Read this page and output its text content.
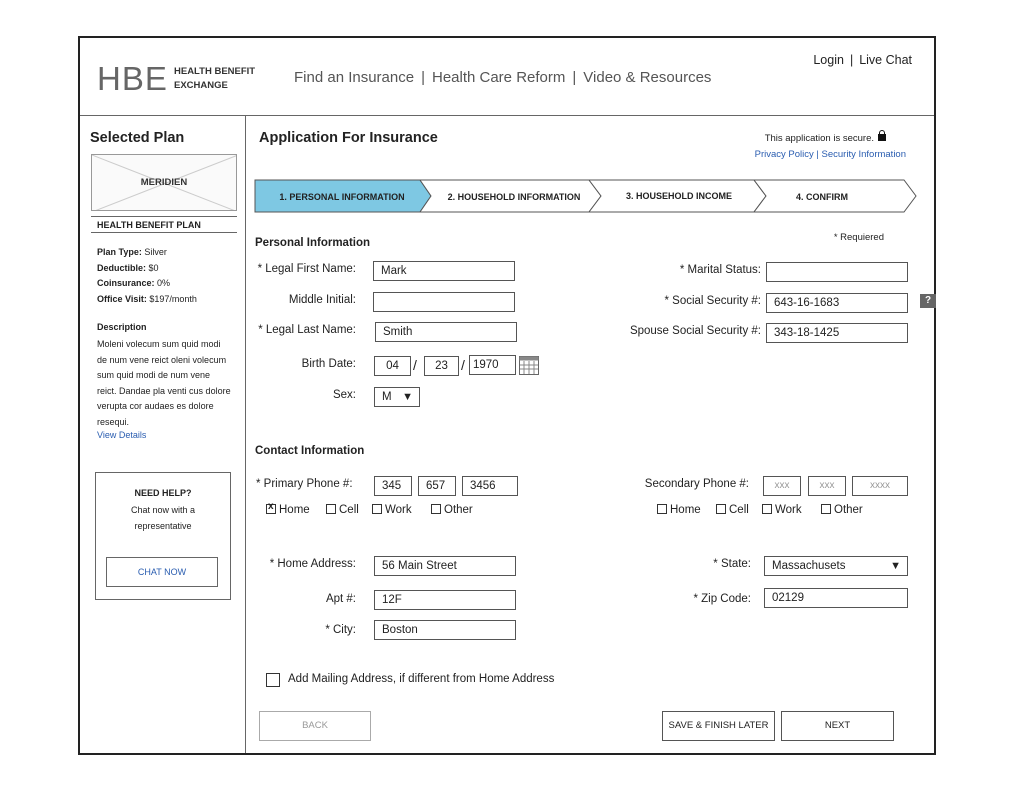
HBE HEALTH BENEFIT
EXCHANGE	Find an Insurance | Health Care Reform | Video & Resources
Login | Live Chat
Selected Plan
MERIDIEN
HEALTH BENEFIT PLAN
Plan Type: Silver
Deductible: $0
Coinsurance: 0%
Office Visit: $197/month
Description
Moleni volecum sum quid modi de num vene reict oleni volecum sum quid modi de num vene reict. Dandae pla venti cus dolore verupta cor audaes es dolore resequi.
View Details
NEED HELP?
Chat now with a representative
CHAT NOW
Application For Insurance	This application is secure.
Privacy Policy | Security Information
1. PERSONAL INFORMATION	2. HOUSEHOLD INFORMATION	3. HOUSEHOLD INCOME	4. CONFIRM
Personal Information	* Requiered
* Legal First Name:	Mark
Middle Initial:
* Legal Last Name:	Smith
Birth Date:	04	/	23 / 1970
Sex:	M ▼
* Marital Status:
* Social Security #:	643-16-1683	?
Spouse Social Security #:	343-18-1425
Contact Information
* Primary Phone #:	345	657	3456
xHome	Cell	Work	Other
Secondary Phone #:	xxx	xxx	xxxx
Home	Cell	Work	Other
* Home Address:	56 Main Street
Apt #:	12F
* City:	Boston
* State:	Massachusets	▼
* Zip Code:	02129
Add Mailing Address, if different from Home Address
BACK	SAVE & FINISH LATER	NEXT
